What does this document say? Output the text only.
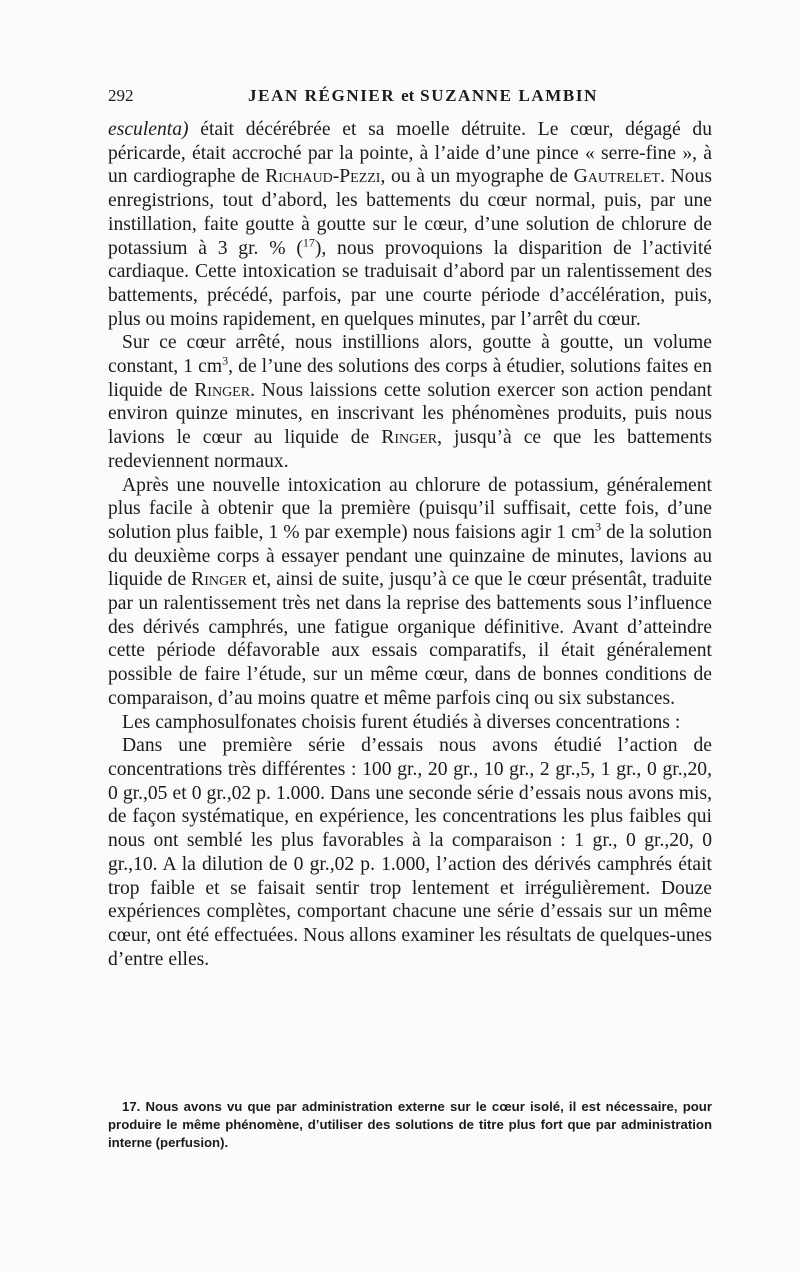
292	JEAN RÉGNIER et SUZANNE LAMBIN

esculenta) était décérébrée et sa moelle détruite. Le cœur, dégagé du péricarde, était accroché par la pointe, à l’aide d’une pince « serre-fine », à un cardiographe de Richaud-Pezzi, ou à un myographe de Gautrelet. Nous enregistrions, tout d’abord, les battements du cœur normal, puis, par une instillation, faite goutte à goutte sur le cœur, d’une solution de chlorure de potassium à 3 gr. % ($^{17}$), nous provoquions la disparition de l’activité cardiaque. Cette intoxication se traduisait d’abord par un ralentissement des battements, précédé, parfois, par une courte période d’accélération, puis, plus ou moins rapidement, en quelques minutes, par l’arrêt du cœur.

Sur ce cœur arrêté, nous instillions alors, goutte à goutte, un volume constant, 1 $cm^3$, de l’une des solutions des corps à étudier, solutions faites en liquide de Ringer. Nous laissions cette solution exercer son action pendant environ quinze minutes, en inscrivant les phénomènes produits, puis nous lavions le cœur au liquide de Ringer, jusqu’à ce que les battements redeviennent normaux.

Après une nouvelle intoxication au chlorure de potassium, généralement plus facile à obtenir que la première (puisqu’il suffisait, cette fois, d’une solution plus faible, 1 % par exemple) nous faisions agir 1 $cm^3$ de la solution du deuxième corps à essayer pendant une quinzaine de minutes, lavions au liquide de Ringer et, ainsi de suite, jusqu’à ce que le cœur présentât, traduite par un ralentissement très net dans la reprise des battements sous l’influence des dérivés camphrés, une fatigue organique définitive. Avant d’atteindre cette période défavorable aux essais comparatifs, il était généralement possible de faire l’étude, sur un même cœur, dans de bonnes conditions de comparaison, d’au moins quatre et même parfois cinq ou six substances.

Les camphosulfonates choisis furent étudiés à diverses concentrations :

Dans une première série d’essais nous avons étudié l’action de concentrations très différentes : 100 gr., 20 gr., 10 gr., 2 gr.,5, 1 gr., 0 gr.,20, 0 gr.,05 et 0 gr.,02 p. 1.000. Dans une seconde série d’essais nous avons mis, de façon systématique, en expérience, les concentrations les plus faibles qui nous ont semblé les plus favorables à la comparaison : 1 gr., 0 gr.,20, 0 gr.,10. A la dilution de 0 gr.,02 p. 1.000, l’action des dérivés camphrés était trop faible et se faisait sentir trop lentement et irrégulièrement. Douze expériences complètes, comportant chacune une série d’essais sur un même cœur, ont été effectuées. Nous allons examiner les résultats de quelques-unes d’entre elles.

17. Nous avons vu que par administration externe sur le cœur isolé, il est nécessaire, pour produire le même phénomène, d’utiliser des solutions de titre plus fort que par administration interne (perfusion).
